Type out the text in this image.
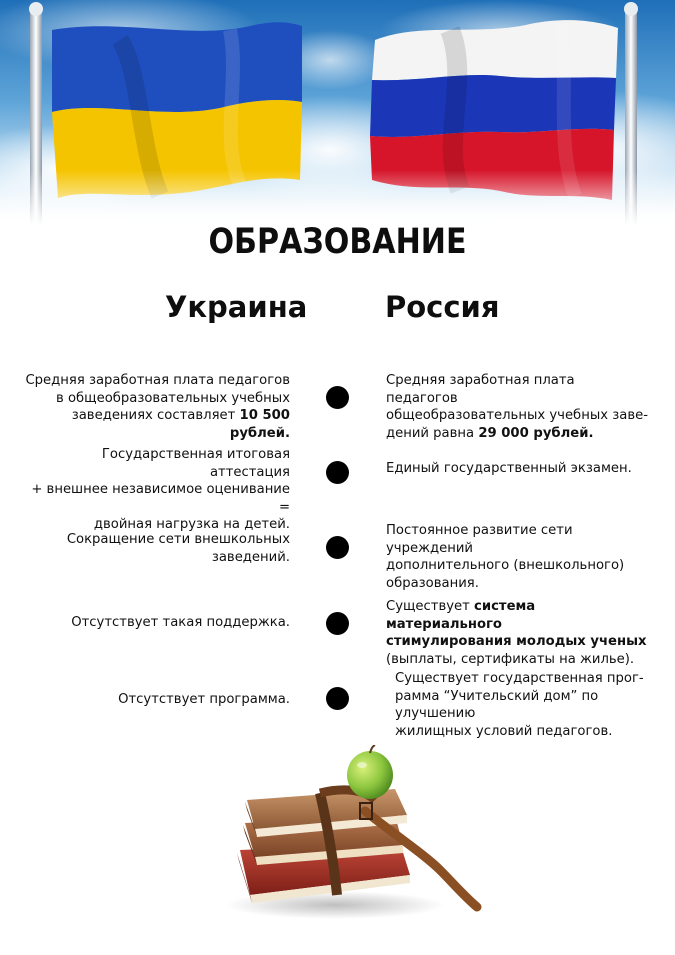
ОБРАЗОВАНИЕ
Украина	Россия
Средняя заработная плата педагогов
в общеобразовательных учебных
заведениях составляет 10 500 рублей.
Средняя заработная плата педагогов
общеобразовательных учебных заве-
дений равна 29 000 рублей.
Государственная итоговая аттестация
+ внешнее независимое оценивание =
двойная нагрузка на детей.
Единый государственный экзамен.
Сокращение сети внешкольных
заведений.
Постоянное развитие сети учреждений
дополнительного (внешкольного)
образования.
Отсутствует такая поддержка.
Существует система материального
стимулирования молодых ученых
(выплаты, сертификаты на жилье).
Отсутствует программа.
Существует государственная прог-
рамма “Учительский дом” по улучшению
жилищных условий педагогов.
